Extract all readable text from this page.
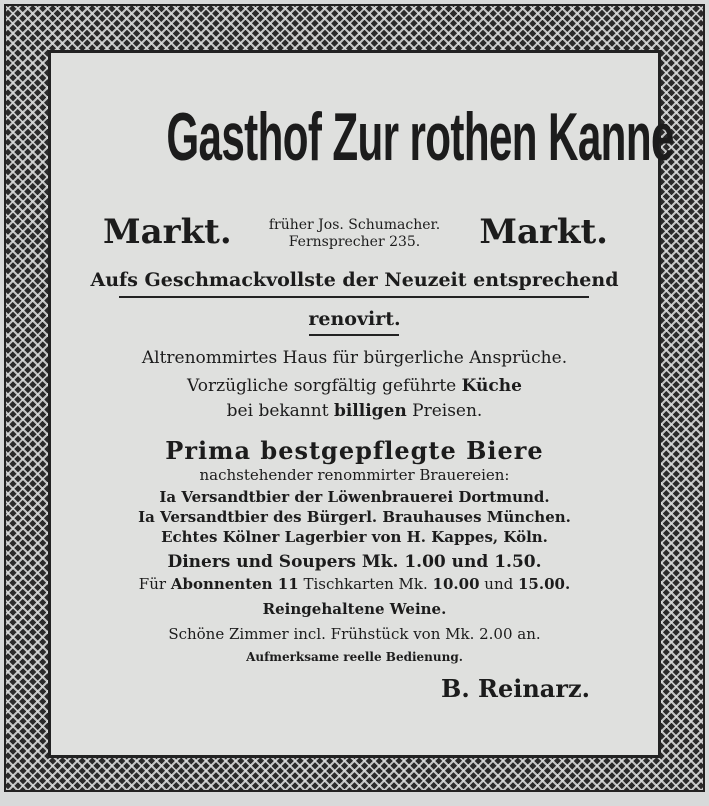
Gasthof Zur rothen Kanne
Markt.	früher Jos. Schumacher.
Fernsprecher 235.	Markt.
Aufs Geschmackvollste der Neuzeit entsprechend
renovirt.
Altrenommirtes Haus für bürgerliche Ansprüche.
Vorzügliche sorgfältig geführte Küche
bei bekannt billigen Preisen.
Prima bestgepflegte Biere
nachstehender renommirter Brauereien:
Ia Versandtbier der Löwenbrauerei Dortmund.
Ia Versandtbier des Bürgerl. Brauhauses München.
Echtes Kölner Lagerbier von H. Kappes, Köln.
Diners und Soupers Mk. 1.00 und 1.50.
Für Abonnenten 11 Tischkarten Mk. 10.00 und 15.00.
Reingehaltene Weine.
Schöne Zimmer incl. Frühstück von Mk. 2.00 an.
Aufmerksame reelle Bedienung.
B. Reinarz.
